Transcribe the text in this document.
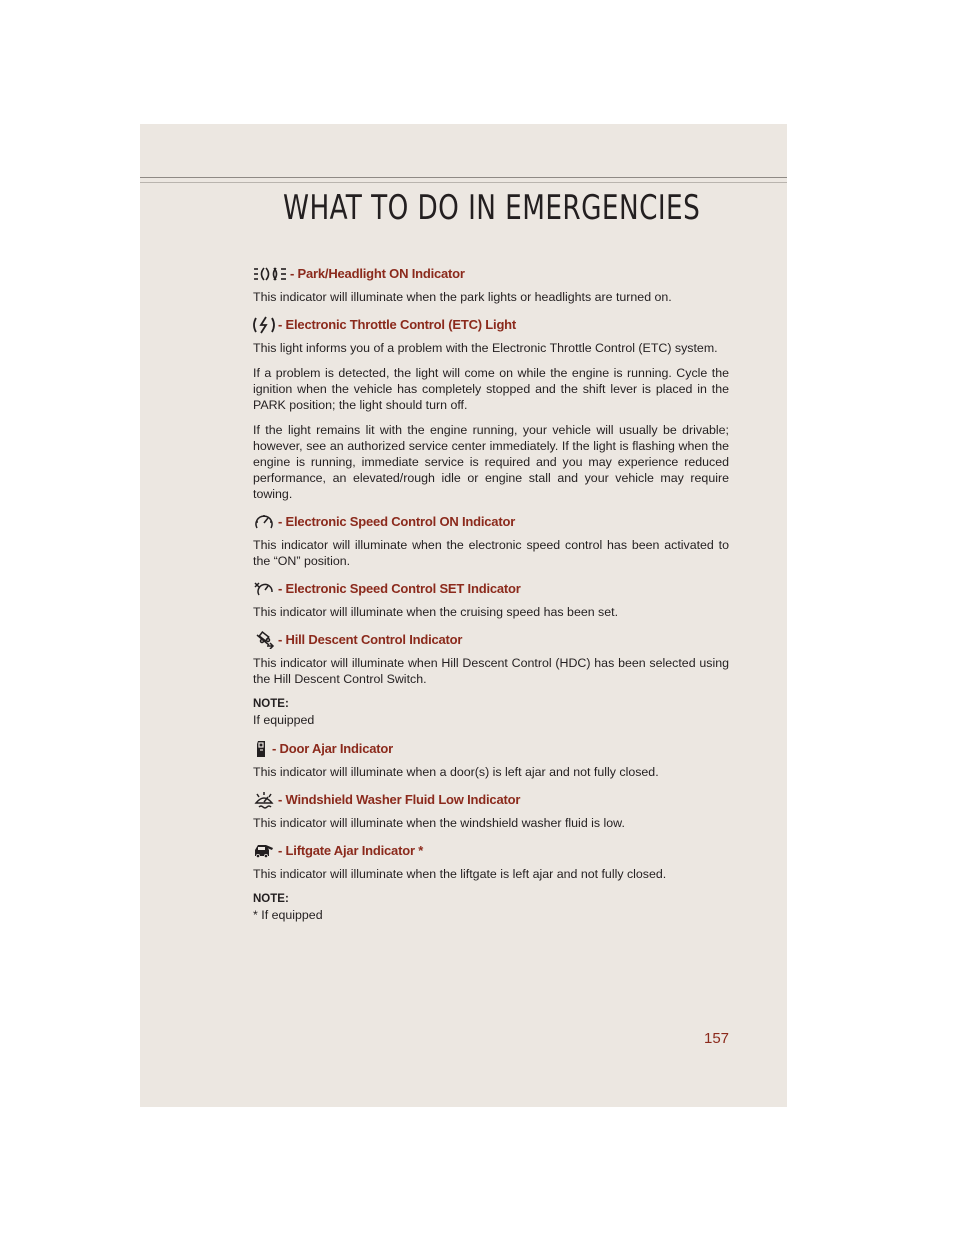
WHAT TO DO IN EMERGENCIES
- Park/Headlight ON Indicator

This indicator will illuminate when the park lights or headlights are turned on.

- Electronic Throttle Control (ETC) Light

This light informs you of a problem with the Electronic Throttle Control (ETC) system.

If a problem is detected, the light will come on while the engine is running. Cycle the ignition when the vehicle has completely stopped and the shift lever is placed in the PARK position; the light should turn off.

If the light remains lit with the engine running, your vehicle will usually be drivable; however, see an authorized service center immediately. If the light is flashing when the engine is running, immediate service is required and you may experience reduced performance, an elevated/rough idle or engine stall and your vehicle may require towing.

- Electronic Speed Control ON Indicator

This indicator will illuminate when the electronic speed control has been activated to the “ON” position.

- Electronic Speed Control SET Indicator

This indicator will illuminate when the cruising speed has been set.

- Hill Descent Control Indicator

This indicator will illuminate when Hill Descent Control (HDC) has been selected using the Hill Descent Control Switch.

NOTE:
If equipped
- Door Ajar Indicator

This indicator will illuminate when a door(s) is left ajar and not fully closed.

- Windshield Washer Fluid Low Indicator

This indicator will illuminate when the windshield washer fluid is low.

- Liftgate Ajar Indicator *

This indicator will illuminate when the liftgate is left ajar and not fully closed.

NOTE:
* If equipped
157
